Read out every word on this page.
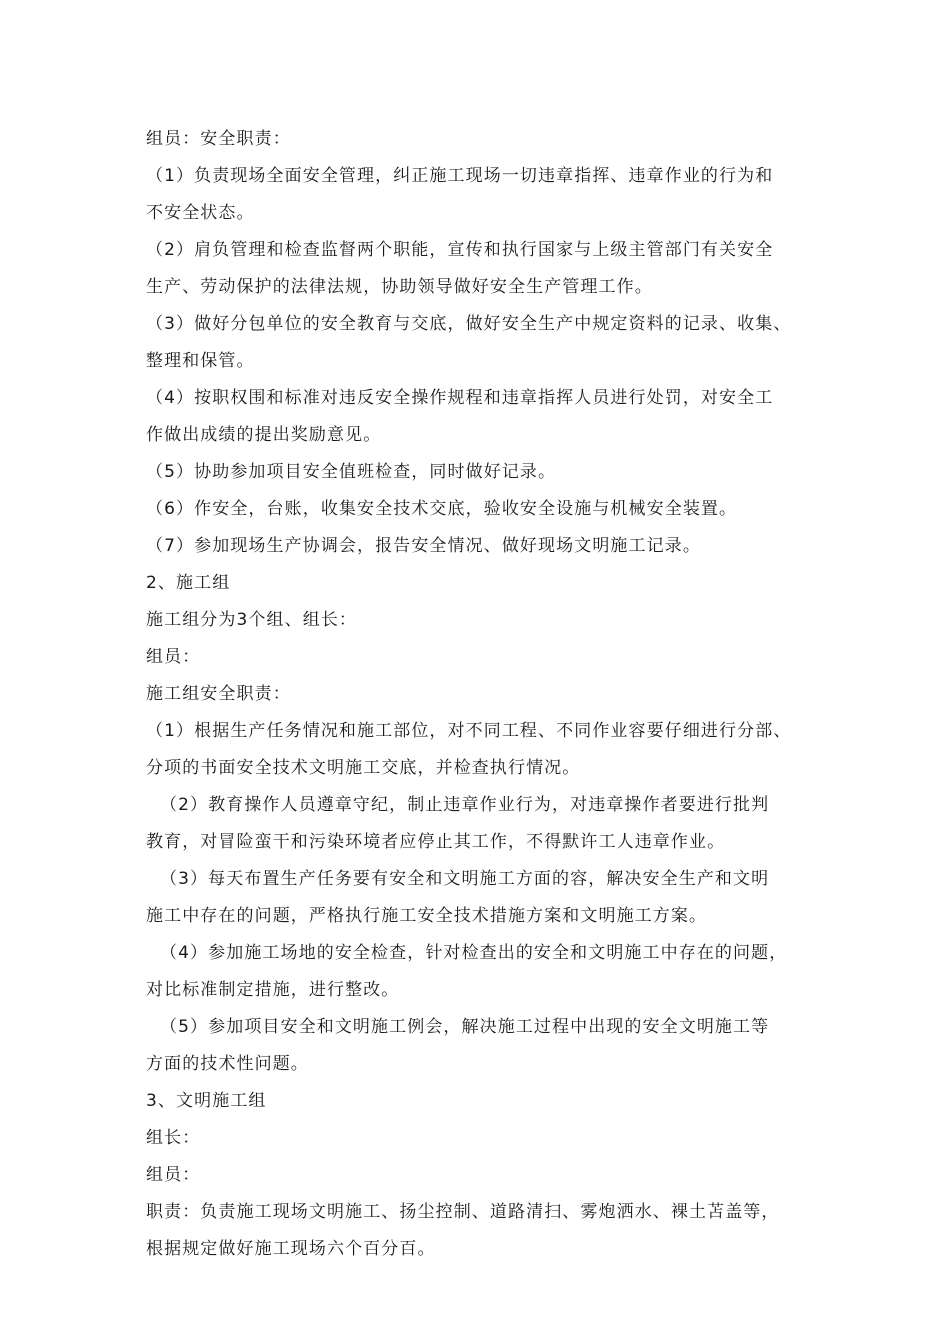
组员：安全职责：
（1）负责现场全面安全管理，纠正施工现场一切违章指挥、违章作业的行为和
不安全状态。
（2）肩负管理和检查监督两个职能，宣传和执行国家与上级主管部门有关安全
生产、劳动保护的法律法规，协助领导做好安全生产管理工作。
（3）做好分包单位的安全教育与交底，做好安全生产中规定资料的记录、收集、
整理和保管。
（4）按职权围和标准对违反安全操作规程和违章指挥人员进行处罚，对安全工
作做出成绩的提出奖励意见。
（5）协助参加项目安全值班检查，同时做好记录。
（6）作安全，台账，收集安全技术交底，验收安全设施与机械安全装置。
（7）参加现场生产协调会，报告安全情况、做好现场文明施工记录。
2、施工组
施工组分为3个组、组长：
组员：
施工组安全职责：
（1）根据生产任务情况和施工部位，对不同工程、不同作业容要仔细进行分部、
分项的书面安全技术文明施工交底，并检查执行情况。
（2）教育操作人员遵章守纪，制止违章作业行为，对违章操作者要进行批判
教育，对冒险蛮干和污染环境者应停止其工作，不得默许工人违章作业。
（3）每天布置生产任务要有安全和文明施工方面的容，解决安全生产和文明
施工中存在的问题，严格执行施工安全技术措施方案和文明施工方案。
（4）参加施工场地的安全检查，针对检查出的安全和文明施工中存在的问题，
对比标准制定措施，进行整改。
（5）参加项目安全和文明施工例会，解决施工过程中出现的安全文明施工等
方面的技术性问题。
3、文明施工组
组长：
组员：
职责：负责施工现场文明施工、扬尘控制、道路清扫、雾炮洒水、裸土苫盖等，
根据规定做好施工现场六个百分百。
